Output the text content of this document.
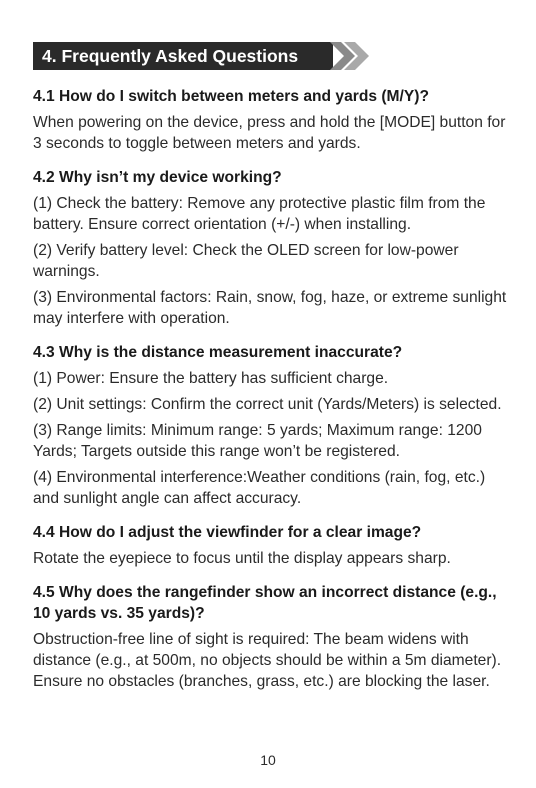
4. Frequently Asked Questions

4.1 How do I switch between meters and yards (M/Y)?

When powering on the device, press and hold the [MODE] button for 3 seconds to toggle between meters and yards.

4.2 Why isn’t my device working?

(1) Check the battery: Remove any protective plastic film from the battery. Ensure correct orientation (+/-) when installing.

(2) Verify battery level: Check the OLED screen for low-power warnings.

(3) Environmental factors: Rain, snow, fog, haze, or extreme sunlight may interfere with operation.

4.3 Why is the distance measurement inaccurate?

(1) Power: Ensure the battery has sufficient charge.

(2) Unit settings: Confirm the correct unit (Yards/Meters) is selected.

(3) Range limits: Minimum range: 5 yards; Maximum range: 1200 Yards; Targets outside this range won’t be registered.

(4) Environmental interference:Weather conditions (rain, fog, etc.) and sunlight angle can affect accuracy.

4.4 How do I adjust the viewfinder for a clear image?

Rotate the eyepiece to focus until the display appears sharp.

4.5 Why does the rangefinder show an incorrect distance (e.g., 10 yards vs. 35 yards)?

Obstruction-free line of sight is required: The beam widens with distance (e.g., at 500m, no objects should be within a 5m diameter). Ensure no obstacles (branches, grass, etc.) are blocking the laser.

10
